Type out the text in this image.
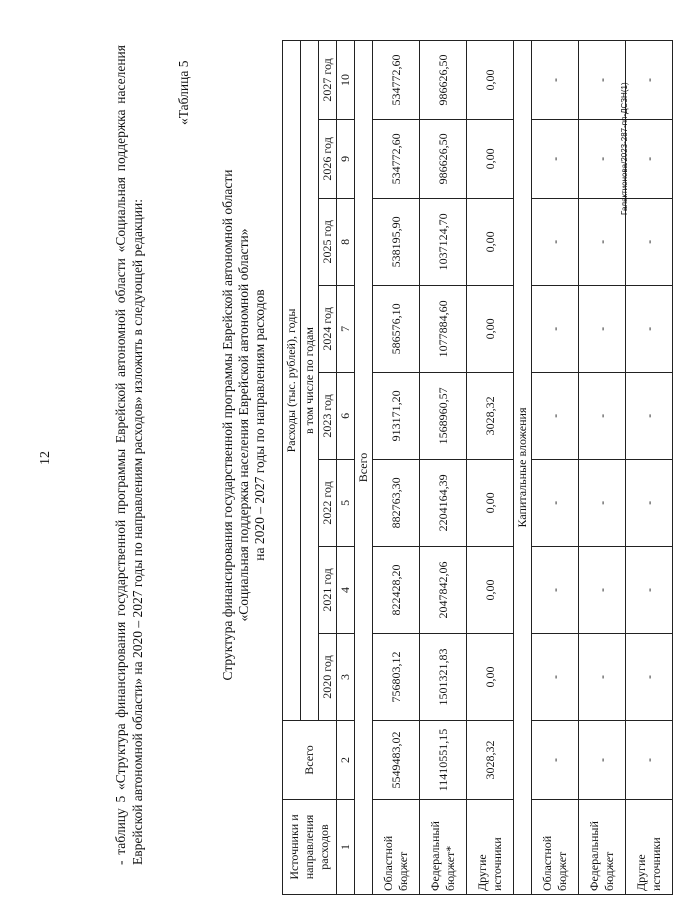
12	- таблицу 5 «Структура финансирования государственной программы Еврейской автономной области «Социальная поддержка населения Еврейской автономной области» на 2020 – 2027 годы по направлениям расходов» изложить в следующей редакции:
«Таблица 5
Структура финансирования государственной программы Еврейской автономной области «Социальная поддержка населения Еврейской автономной области» на 2020 – 2027 годы по направлениям расходов
Источники и направления расходов	Всего	Расходы (тыс. рублей), годы							
		в том числе по годам							
		2020 год	2021 год	2022 год	2023 год	2024 год	2025 год	2026 год	2027 год
1	2	3	4	5	6	7	8	9	10
Всего									
Областной бюджет	5549483,02	756803,12	822428,20	882763,30	913171,20	586576,10	538195,90	534772,60	534772,60
Федеральный бюджет*	11410551,15	1501321,83	2047842,06	2204164,39	1568960,57	1077884,60	1037124,70	986626,50	986626,50
Другие источники	3028,32	0,00	0,00	0,00	3028,32	0,00	0,00	0,00	0,00
Капитальные вложения									
Областной бюджет	-	-	-	-	-	-	-	-	-
Федеральный бюджет	-	-	-	-	-	-	-	-	-
Другие источники	-	-	-	-	-	-	-	-	-
Галактионова/2023-287-пп-ДСЗН(1)
